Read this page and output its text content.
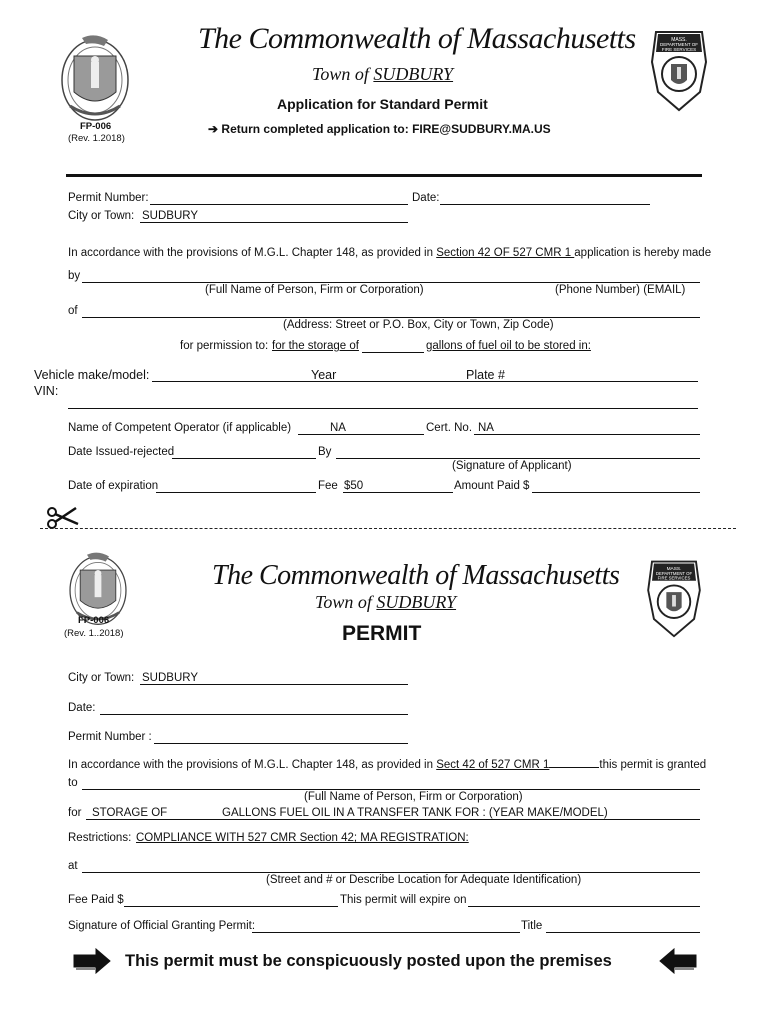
MASS.
DEPARTMENT OF
FIRE SERVICES
The Commonwealth of Massachusetts
Town of SUDBURY
Application for Standard Permit
FP-006
(Rev. 1.2018)
➔ Return completed application to: FIRE@SUDBURY.MA.US
Permit Number:	Date:
City or Town: SUDBURY
In accordance with the provisions of M.G.L. Chapter 148, as provided in Section 42 OF 527 CMR 1 application is hereby made
by
(Full Name of Person, Firm or Corporation)	(Phone Number) (EMAIL)
of
(Address: Street or P.O. Box, City or Town, Zip Code)
for permission to: for the storage of	gallons of fuel oil to be stored in:
Vehicle make/model:	Year	Plate #
VIN:
Name of Competent Operator (if applicable)	NA	Cert. No. NA
Date Issued-rejected	By
(Signature of Applicant)
Date of expiration	Fee $50	Amount Paid $
MASS.
DEPARTMENT OF
FIRE SERVICES
The Commonwealth of Massachusetts
Town of SUDBURY
PERMIT
FP-006
(Rev. 1..2018)
City or Town: SUDBURY
Date:
Permit Number :
In accordance with the provisions of M.G.L. Chapter 148, as provided in Sect 42 of 527 CMR 1	this permit is granted
to
(Full Name of Person, Firm or Corporation)
for STORAGE OF	GALLONS FUEL OIL IN A TRANSFER TANK FOR : (YEAR MAKE/MODEL)
Restrictions: COMPLIANCE WITH 527 CMR Section 42; MA REGISTRATION:
at
(Street and # or Describe Location for Adequate Identification)
Fee Paid $	This permit will expire on
Signature of Official Granting Permit:	Title
This permit must be conspicuously posted upon the premises
